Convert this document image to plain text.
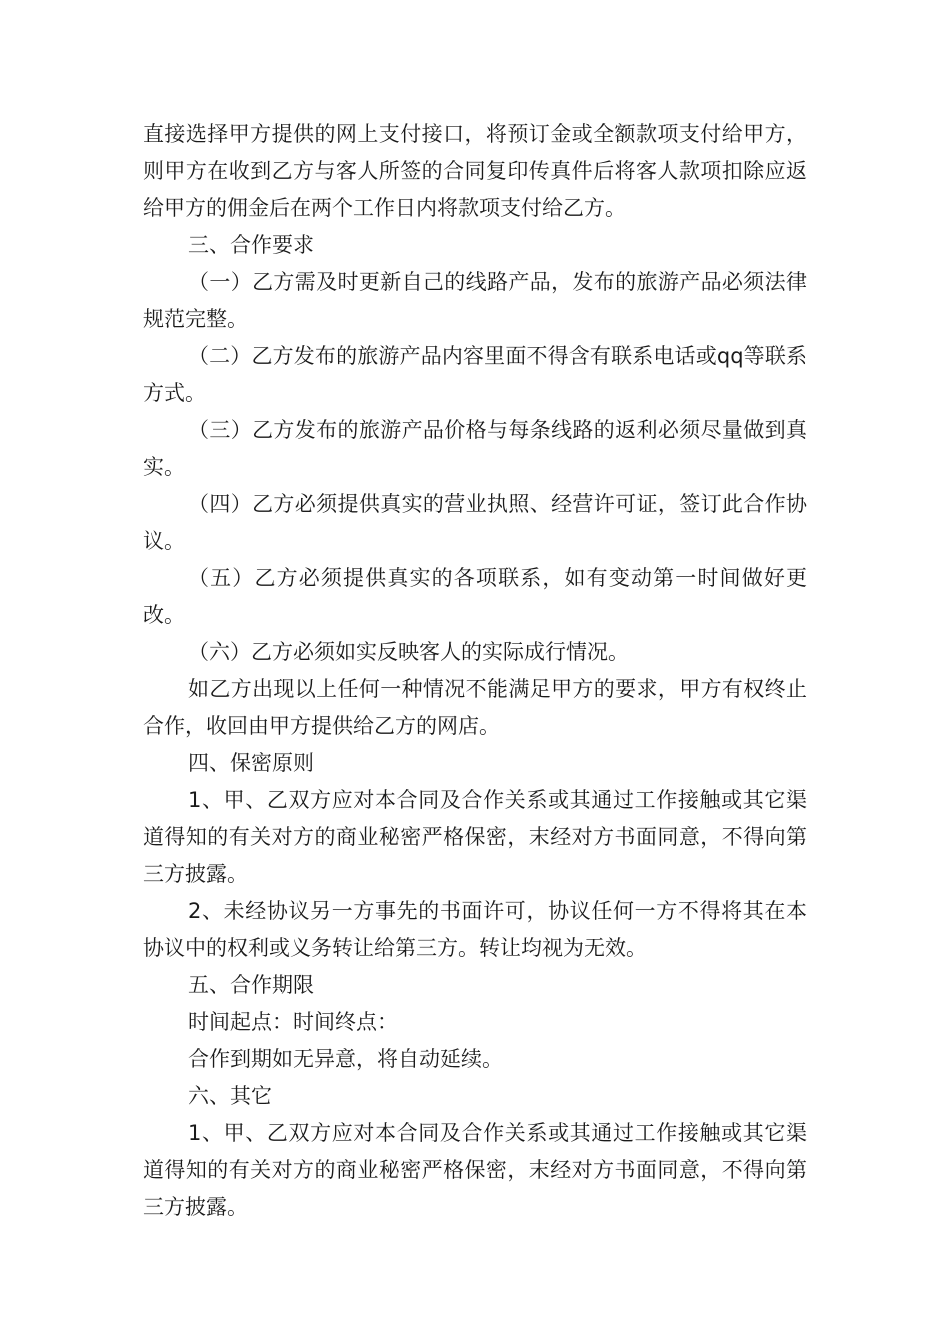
直接选择甲方提供的网上支付接口，将预订金或全额款项支付给甲方，则甲方在收到乙方与客人所签的合同复印传真件后将客人款项扣除应返给甲方的佣金后在两个工作日内将款项支付给乙方。

三、合作要求

（一）乙方需及时更新自己的线路产品，发布的旅游产品必须法律规范完整。

（二）乙方发布的旅游产品内容里面不得含有联系电话或qq等联系方式。

（三）乙方发布的旅游产品价格与每条线路的返利必须尽量做到真实。

（四）乙方必须提供真实的营业执照、经营许可证，签订此合作协议。

（五）乙方必须提供真实的各项联系，如有变动第一时间做好更改。

（六）乙方必须如实反映客人的实际成行情况。

如乙方出现以上任何一种情况不能满足甲方的要求，甲方有权终止合作，收回由甲方提供给乙方的网店。

四、保密原则

1、甲、乙双方应对本合同及合作关系或其通过工作接触或其它渠道得知的有关对方的商业秘密严格保密，末经对方书面同意，不得向第三方披露。

2、未经协议另一方事先的书面许可，协议任何一方不得将其在本协议中的权利或义务转让给第三方。转让均视为无效。

五、合作期限

时间起点：时间终点：

合作到期如无异意，将自动延续。

六、其它

1、甲、乙双方应对本合同及合作关系或其通过工作接触或其它渠道得知的有关对方的商业秘密严格保密，末经对方书面同意，不得向第三方披露。
